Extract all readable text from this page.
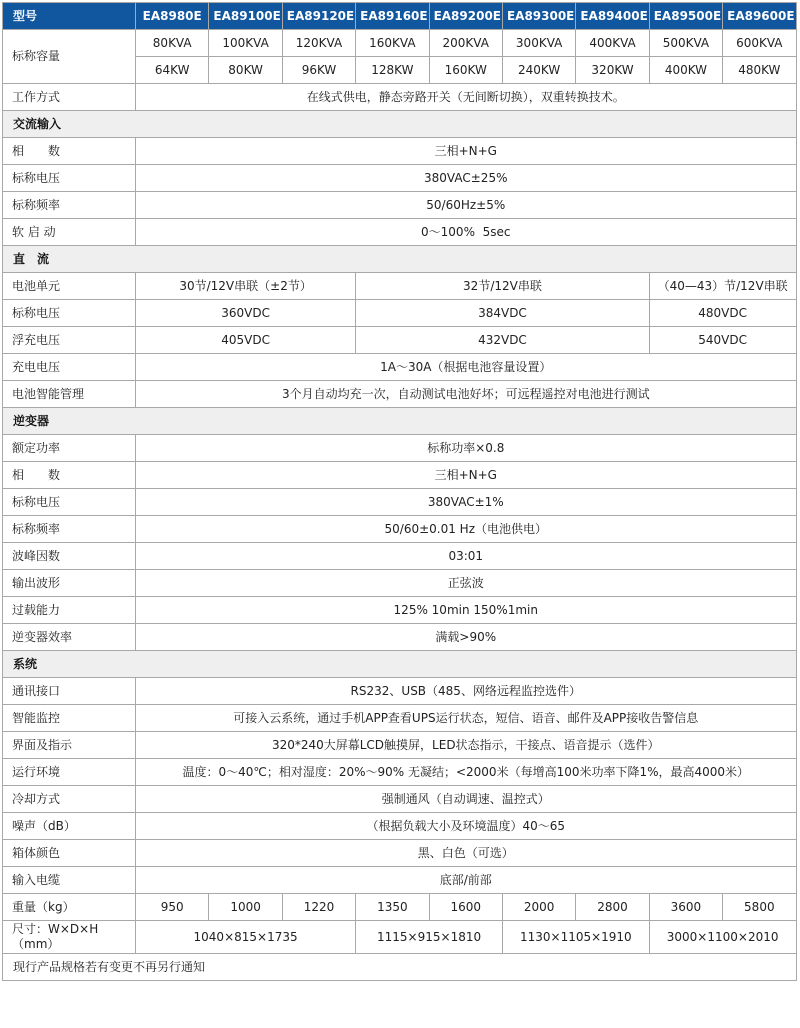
型号	EA8980E	EA89100E	EA89120E	EA89160E	EA89200E	EA89300E	EA89400E	EA89500E	EA89600E
标称容量	80KVA	100KVA	120KVA	160KVA	200KVA	300KVA	400KVA	500KVA	600KVA
	64KW	80KW	96KW	128KW	160KW	240KW	320KW	400KW	480KW
工作方式	在线式供电，静态旁路开关（无间断切换），双重转换技术。								
交流输入									
相　　数	三相+N+G								
标称电压	380VAC±25%								
标称频率	50/60Hz±5%								
软 启 动	0～100%  5sec								
直　流									
电池单元	30节/12V串联（±2节）			32节/12V串联				（40—43）节/12V串联	
标称电压	360VDC			384VDC				480VDC	
浮充电压	405VDC			432VDC				540VDC	
充电电压	1A～30A（根据电池容量设置）								
电池智能管理	3个月自动均充一次，自动测试电池好坏；可远程遥控对电池进行测试								
逆变器									
额定功率	标称功率×0.8								
相　　数	三相+N+G								
标称电压	380VAC±1%								
标称频率	50/60±0.01 Hz（电池供电）								
波峰因数	03:01								
输出波形	正弦波								
过载能力	125% 10min 150%1min								
逆变器效率	满载>90%								
系统									
通讯接口	RS232、USB（485、网络远程监控选件）								
智能监控	可接入云系统，通过手机APP查看UPS运行状态，短信、语音、邮件及APP接收告警信息								
界面及指示	320*240大屏幕LCD触摸屏，LED状态指示，干接点、语音提示（选件）								
运行环境	温度：0～40℃；相对湿度：20%～90% 无凝结；<2000米（每增高100米功率下降1%，最高4000米）								
冷却方式	强制通风（自动调速、温控式）								
噪声（dB）	（根据负载大小及环境温度）40～65								
箱体颜色	黑、白色（可选）								
输入电缆	底部/前部								
重量（kg）	950	1000	1220	1350	1600	2000	2800	3600	5800
尺寸：W×D×H（mm）	1040×815×1735			1115×915×1810		1130×1105×1910		3000×1100×2010	
现行产品规格若有变更不再另行通知									
